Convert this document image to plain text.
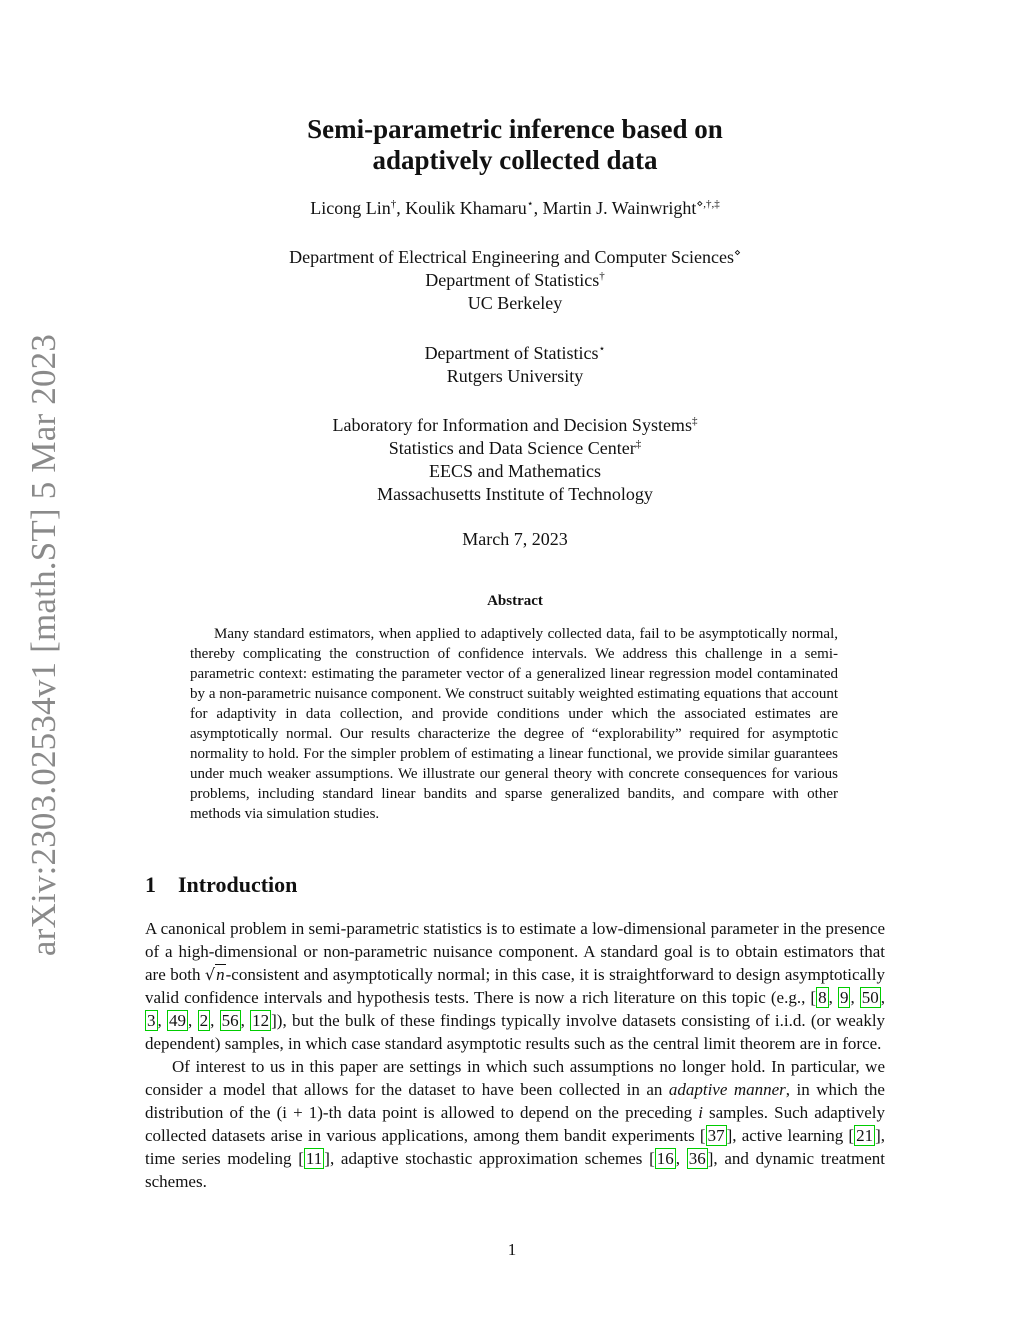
arXiv:2303.02534v1 [math.ST] 5 Mar 2023
Semi-parametric inference based on
adaptively collected data
Licong Lin†, Koulik Khamaru⋆, Martin J. Wainwright⋄,†,‡
Department of Electrical Engineering and Computer Sciences⋄
Department of Statistics†
UC Berkeley
Department of Statistics⋆
Rutgers University
Laboratory for Information and Decision Systems‡
Statistics and Data Science Center‡
EECS and Mathematics
Massachusetts Institute of Technology
March 7, 2023
Abstract
Many standard estimators, when applied to adaptively collected data, fail to be asymptotically normal, thereby complicating the construction of confidence intervals. We address this challenge in a semi-parametric context: estimating the parameter vector of a generalized linear regression model contaminated by a non-parametric nuisance component. We construct suitably weighted estimating equations that account for adaptivity in data collection, and provide conditions under which the associated estimates are asymptotically normal. Our results characterize the degree of “explorability” required for asymptotic normality to hold. For the simpler problem of estimating a linear functional, we provide similar guarantees under much weaker assumptions. We illustrate our general theory with concrete consequences for various problems, including standard linear bandits and sparse generalized bandits, and compare with other methods via simulation studies.
1 Introduction

A canonical problem in semi-parametric statistics is to estimate a low-dimensional parameter in the presence of a high-dimensional or non-parametric nuisance component. A standard goal is to obtain estimators that are both √n-consistent and asymptotically normal; in this case, it is straightforward to design asymptotically valid confidence intervals and hypothesis tests. There is now a rich literature on this topic (e.g., [ 8 , 9 , 50 , 3 , 49 , 2 , 56 , 12 ]), but the bulk of these findings typically involve datasets consisting of i.i.d. (or weakly dependent) samples, in which case standard asymptotic results such as the central limit theorem are in force.

Of interest to us in this paper are settings in which such assumptions no longer hold. In particular, we consider a model that allows for the dataset to have been collected in an adaptive manner, in which the distribution of the (i + 1)-th data point is allowed to depend on the preceding i samples. Such adaptively collected datasets arise in various applications, among them bandit experiments [ 37 ], active learning [ 21 ], time series modeling [ 11 ], adaptive stochastic approximation schemes [ 16 , 36 ], and dynamic treatment schemes.

1
